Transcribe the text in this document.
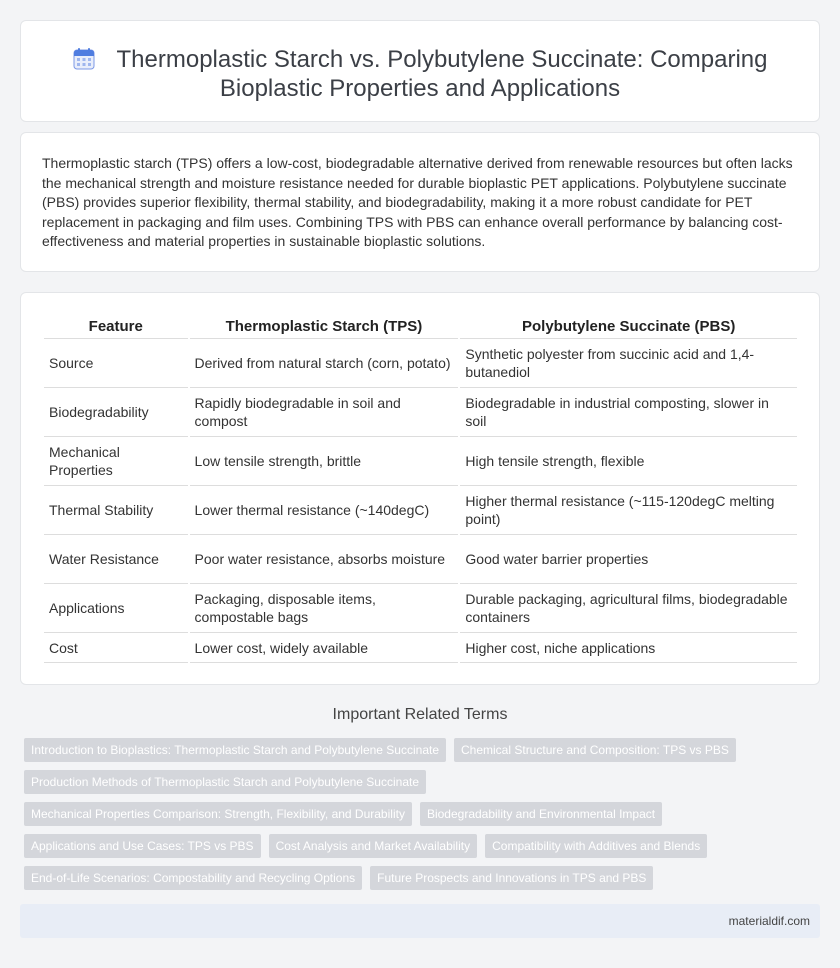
Thermoplastic Starch vs. Polybutylene Succinate: Comparing Bioplastic Properties and Applications

Thermoplastic starch (TPS) offers a low-cost, biodegradable alternative derived from renewable resources but often lacks the mechanical strength and moisture resistance needed for durable bioplastic PET applications. Polybutylene succinate (PBS) provides superior flexibility, thermal stability, and biodegradability, making it a more robust candidate for PET replacement in packaging and film uses. Combining TPS with PBS can enhance overall performance by balancing cost-effectiveness and material properties in sustainable bioplastic solutions.

Feature	Thermoplastic Starch (TPS)	Polybutylene Succinate (PBS)
Source	Derived from natural starch (corn, potato)	Synthetic polyester from succinic acid and 1,4-butanediol
Biodegradability	Rapidly biodegradable in soil and compost	Biodegradable in industrial composting, slower in soil
Mechanical Properties	Low tensile strength, brittle	High tensile strength, flexible
Thermal Stability	Lower thermal resistance (~140degC)	Higher thermal resistance (~115-120degC melting point)
Water Resistance	Poor water resistance, absorbs moisture	Good water barrier properties
Applications	Packaging, disposable items, compostable bags	Durable packaging, agricultural films, biodegradable containers
Cost	Lower cost, widely available	Higher cost, niche applications
Important Related Terms
Introduction to Bioplastics: Thermoplastic Starch and Polybutylene Succinate	Chemical Structure and Composition: TPS vs PBS
Production Methods of Thermoplastic Starch and Polybutylene Succinate
Mechanical Properties Comparison: Strength, Flexibility, and Durability	Biodegradability and Environmental Impact
Applications and Use Cases: TPS vs PBS	Cost Analysis and Market Availability	Compatibility with Additives and Blends
End-of-Life Scenarios: Compostability and Recycling Options	Future Prospects and Innovations in TPS and PBS
materialdif.com
